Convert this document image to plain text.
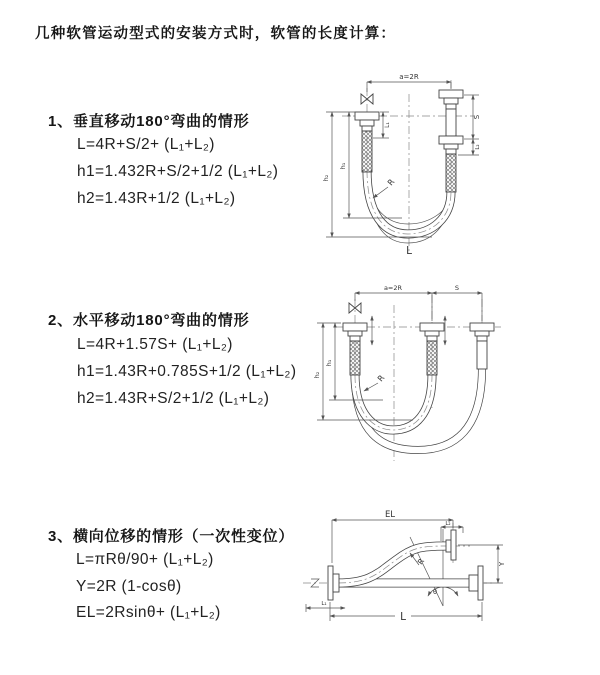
几种软管运动型式的安装方式时，软管的长度计算：
1、垂直移动180°弯曲的情形
L=4R+S/2+ (L₁+L₂)
h1=1.432R+S/2+1/2 (L₁+L₂)
h2=1.43R+1/2 (L₁+L₂)
2、水平移动180°弯曲的情形
L=4R+1.57S+ (L₁+L₂)
h1=1.43R+0.785S+1/2 (L₁+L₂)
h2=1.43R+S/2+1/2 (L₁+L₂)
3、横向位移的情形（一次性变位）
L=πRθ/90+ (L₁+L₂)
Y=2R (1-cosθ)
EL=2Rsinθ+ (L₁+L₂)
a=2R
L₁
S
L₂
h₁
h₂	R
L
a=2R	S
h₁
h₂	R
θ
EL
L₂
Y
R
L₁
L
